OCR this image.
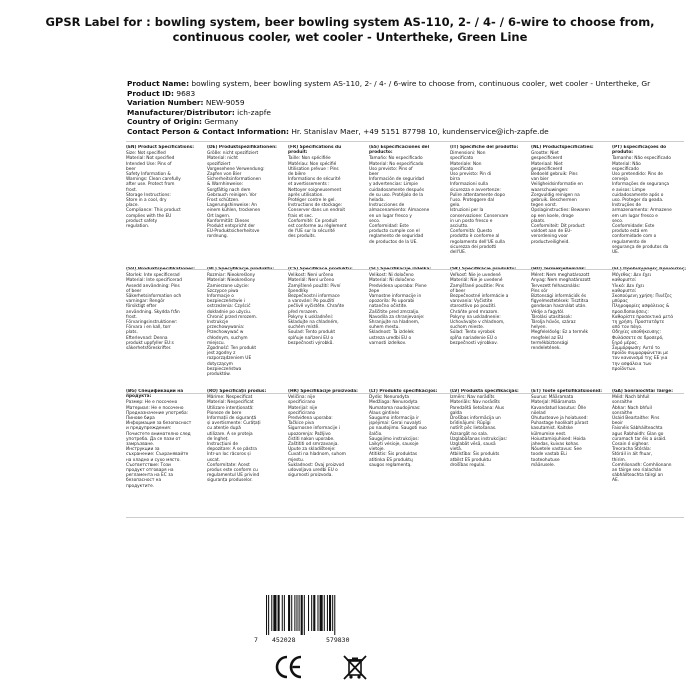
GPSR Label for : bowling system, beer bowling system AS-110, 2- / 4- / 6-wire to choose from, continuous cooler, wet cooler - Untertheke, Green Line
Product Name: bowling system, beer bowling system AS-110, 2- / 4- / 6-wire to choose from, continuous cooler, wet cooler - Untertheke, Gr
Product ID: 9683
Variation Number: NEW-9059
Manufacturer/Distributor: ich-zapfe
Country of Origin: Germany
Contact Person & Contact Information: Hr. Stanislav Maer, +49 5151 87798 10, kundenservice@ich-zapfe.de
(EN) Product Specifications:
Size: Not specified
Material: Not specified
Intended Use: Pins of
beer
Safety Information &
Warnings: Clean carefully
after use. Protect from
frost.
Storage Instructions:
Store in a cool, dry
place.
Compliance: This product
complies with the EU
product safety
regulation.
(DE) Produktspezifikationen:
Größe: nicht spezifiziert
Material: nicht
spezifiziert
Vorgesehene Verwendung:
Zapfen von Bier
Sicherheitsinformationen
& Warnhinweise:
Sorgfältig nach dem
Gebrauch reinigen. Vor
Frost schützen.
Lagerungshinweise: An
einem kühlen, trockenen
Ort lagern.
Konformität: Dieses
Produkt entspricht der
EU-Produktsicherheitsve
rordnung.
(FR) Spécifications du produit:
Taille: Non spécifiée
Matériau: Non spécifié
Utilisation prévue : Pins
de bière
Informations de sécurité
et avertissements :
Nettoyer soigneusement
après utilisation.
Protéger contre le gel.
Instructions de stockage:
Conserver dans un endroit
frais et sec.
Conformité: Ce produit
est conforme au règlement
de l'UE sur la sécurité
des produits.
(ES) Especificaciones del producto:
Tamaño: No especificado
Material: No especificado
Uso previsto: Pins of
beer
Información de seguridad
y advertencias: Limpie
cuidadosamente después
de su uso. Protéjalo de la
helada.
Instrucciones de
almacenamiento: Almacene
en un lugar fresco y
seco.
Conformidad: Este
producto cumple con el
reglamento de seguridad
de productos de la UE.
(IT) Specifiche del prodotto:
Dimensioni: Non
specificato
Materiale: Non
specificato
Uso previsto: Pin di
birra
Informazioni sulla
sicurezza e avvertenze:
Pulire attentamente dopo
l'uso. Proteggere dal
gelo.
Istruzioni per la
conservazione: Conservare
in un posto fresco e
asciutto.
Conformità: Questo
prodotto è conforme al
regolamento dell'UE sulla
sicurezza dei prodotti
dell'UE.
(NL) Productspecificaties:
Grootte: Niet
gespecificeerd
Materiaal: Niet
gespecificeerd
Bedoeld gebruik: Pins
van bier
Veiligheidsinformatie en
waarschuwingen:
Zorgvuldig reinigen na
gebruik. Beschermen
tegen vorst.
Opslaginstructies: Bewaren
op een koele, droge
plaats.
Conformiteit: Dit product
voldoet aan de EU-
verordening voor
productveiligheid.
(PT) Especificações do produto:
Tamanho: Não especificado
Material: Não
especificado
Uso pretendido: Pins de
cerveja
Informações de segurança
e avisos: Limpe
cuidadosamente após o
uso. Proteger da geada.
Instruções de
armazenamento: Armazene
em um lugar fresco e
seco.
Conformidade: Este
produto está em
conformidade com o
regulamento de
segurança de produtos da
UE.
(SV) Produktspecifikationer:
Storlek: Inte specificerad
Material: Inte specificerad
Avsedd användning: Pins
of beer
Säkerhetsinformation och
varningar: Rengör
försiktigt efter
användning. Skydda från
frost.
Förvaringsinstruktioner:
Förvara i en kall, torr
plats.
Efterlevnad: Denna
produkt uppfyller EU:s
säkerhetsföreskrifter.
(PL) Specyfikacje produktu:
Rozmiar: Nieokreślony
Materiał: Nieokreślony
Zamierzone użycie:
Szczypce piwa
Informacje o
bezpieczeństwie i
ostrzeżenia: Czyścić
dokładnie po użyciu.
Chronić przed mrozem.
Instrukcje
przechowywania:
Przechowywać w
chłodnym, suchym
miejscu.
Zgodność: Ten produkt
jest zgodny z
rozporządzeniem UE
dotyczącym
bezpieczeństwa
produktów.
(CS) Specifikace produktu:
Velikost: Není určeno
Materiál: Není určeno
Zamýšlené použití: Pivní
špendlíky
Bezpečnostní informace
a varování: Po použití
pečlivě vyčistěte. Chraňte
před mrazem.
Pokyny k uskladnění:
Skladujte na chladném,
suchém místě.
Soulad: Tento produkt
splňuje nařízení EU o
bezpečnosti výrobků.
(SL) Specifikacije izdelka:
Velikost: Ni določeno
Material: Ni določeno
Predvidena uporaba: Pivne
žepe
Varnostne informacije in
opozorila: Po uporabi
natančno očistite.
Zaščitite pred zmrzaljo.
Navodila za shranjevanje:
Shranjujte na hladnem,
suhem mestu.
Skladnost: Ta izdelek
ustreza uredbi EU o
varnosti izdelkov.
(SK) Špecifikácie produktu:
Veľkosť: Nie je uvedené
Materiál: Nie je uvedené
Zamýšľané použitie: Pins
of beer
Bezpečnostné informácie a
varovania: Vyčistite
starostlivo po použití.
Chráňte pred mrazom.
Pokyny na uskladnenie:
Uchovávajte v chladnom,
suchom mieste.
Súlad: Tento výrobok
spĺňa nariadenie EÚ o
bezpečnosti výrobkov.
(HU) Termékjellemzők:
Méret: Nem meghatározott
Anyag: Nem meghatározott
Tervezett felhasználás:
Pins sör
Biztonsági információk és
figyelmeztetések: Tisztítsa
gondosan használat után.
Védje a fagytól.
Tárolási utasítások:
Tárolja hűvös, száraz
helyen.
Megfelelőség: Ez a termék
megfelel az EU
termékbiztonsági
rendeletének.
(EL) Προδιαγραφές προϊόντος:
Μέγεθος: Δεν έχει
καθοριστεί
Υλικό: Δεν έχει
καθοριστεί
Σκοπούμενη χρήση: Πινέζες
μπύρας
Πληροφορίες ασφάλειας &
προειδοποιήσεις:
Καθαρίστε προσεκτικά μετά
τη χρήση. Προστατέψτε
από τον πάγο.
Οδηγίες αποθήκευσης:
Φυλάσσετε σε δροσερό,
ξηρό μέρος.
Συμμόρφωση: Αυτό το
προϊόν συμμορφώνεται με
τον κανονισμό της ΕΕ για
την ασφάλεια των
προϊόντων.
(BG) Спецификации на продукта:
Размер: Не е посочено
Материал: Не е посочено
Предназначение употреба:
Пинове бира
Информация за безопасност
и предупреждения:
Почистете внимателно след
употреба. Да се пази от
замръзване.
Инструкции за
съхранение: Съхранявайте
на хладно и сухо място.
Съответствие: Този
продукт отговаря на
регламента на ЕС за
безопасност на
продуктите.
(RO) Specificații produs:
Mărime: Nespecificat
Material: Nespecificat
Utilizare intenționată:
Pioneze de bere
Informații de siguranță
și avertismente: Curățați
cu atenție după
utilizare. A se proteja
de îngheț.
Instrucțiuni de
depozitare: A se păstra
într-un loc răcoros și
uscat.
Conformitate: Acest
produs este conform cu
regulamentul UE privind
siguranța produselor.
(HR) Specifikacije proizvoda:
Veličina: nije
specificirano
Materijal: nije
specificirano
Predviđena uporaba:
Tačkice piva
Sigurnosne informacije i
upozorenja: Pažljivo
čistiti nakon uporabe.
Zaštititi od smrzavanja.
Upute za skladištenje:
Čuvati na hladnom, suhom
mjestu.
Sukladnost: Ovaj proizvod
udovoljava uredbi EU o
sigurnosti proizvoda.
(LT) Produkto specifikacijos:
Dydis: Nenurodyta
Medžiaga: Nenurodyta
Numatoma naudojimas:
Alaus gintinės
Saugumo informacija ir
įspėjimai: Gerai nuvalyti
po naudojimo. Saugoti nuo
šalčio.
Saugojimo instrukcijos:
Laikyti vėsioje, sausoje
vietoje.
Atitiktis: Šis produktas
atitinka ES produktų
saugos reglamentą.
(LV) Produkta specifikācijas:
Izmērs: Nav norādīts
Materiāls: Nav norādīts
Paredzētā lietošana: Alus
galda
Drošības informācija un
brīdinājumi: Rūpīgi
notīrīt pēc lietošanas.
Aizsargāt no sala.
Uzglabāšanas instrukcijas:
Uzglabāt vēsā, sausā
vietā.
Atbilstība: Šis produkts
atbilst ES produktu
drošības regulai.
(ET) Toote spetsifikatsioonid:
Suurus: Määramata
Materjal: Määramata
Kavandatud kasutus: Õlle
nõelad
Ohutusteave ja hoiatused:
Puhastage hoolikalt pärast
kasutamist. Kaitske
külmumise eest.
Hoiustamisjuhised: Hoida
jahedas, kuivas kohas.
Nõuetele vastavus: See
toode vastab ELi
tooteohutuse
määrusele.
(GA) Sonraíochtaí Táirge:
Méid: Nach bhfuil
sonraithe
Ábhar: Nach bhfuil
sonraithe
Úsáid Beartaithe: Pins
beoir
Faisnéis Sábháilteachta
agus Rabhaidh: Glan go
cúramach tar éis a úsáid.
Cosain ó oighear.
Treoracha Stórála:
Stóráil in áit fhuar,
thirim.
Comhlíonadh: Comhlíonann
an táirge seo rialachán
sábháilteachta táirgí an
AE.
7 452028	579830
